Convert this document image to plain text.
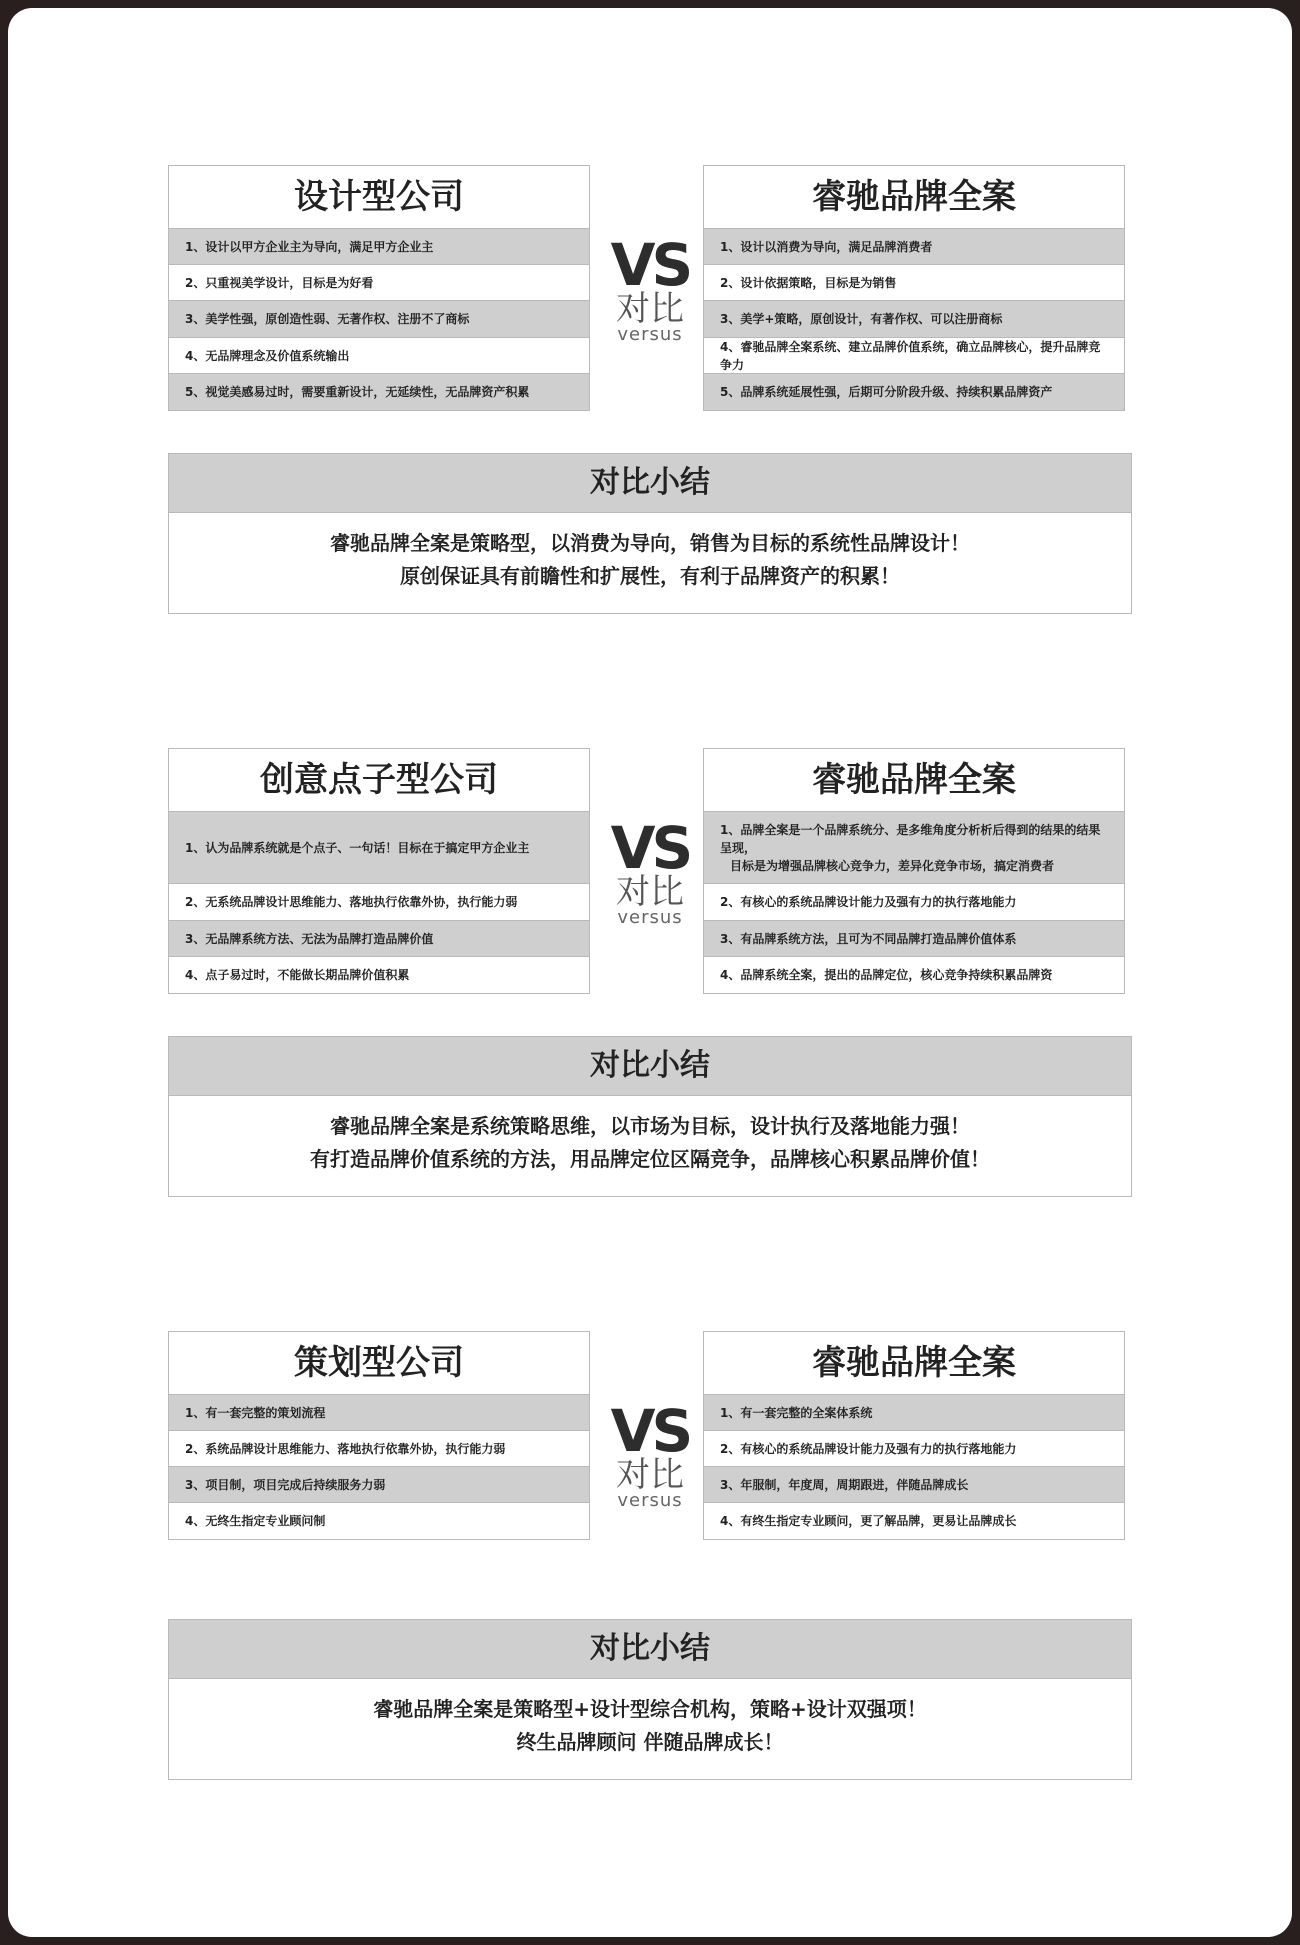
设计型公司
1、设计以甲方企业主为导向，满足甲方企业主
2、只重视美学设计，目标是为好看
3、美学性强，原创造性弱、无著作权、注册不了商标
4、无品牌理念及价值系统输出
5、视觉美感易过时，需要重新设计，无延续性，无品牌资产积累
VS
对比
versus
睿驰品牌全案
1、设计以消费为导向，满足品牌消费者
2、设计依据策略，目标是为销售
3、美学+策略，原创设计，有著作权、可以注册商标
4、睿驰品牌全案系统、建立品牌价值系统，确立品牌核心，提升品牌竞争力
5、品牌系统延展性强，后期可分阶段升级、持续积累品牌资产
对比小结
睿驰品牌全案是策略型，以消费为导向，销售为目标的系统性品牌设计！
原创保证具有前瞻性和扩展性，有利于品牌资产的积累！
创意点子型公司
1、认为品牌系统就是个点子、一句话！目标在于搞定甲方企业主
2、无系统品牌设计思维能力、落地执行依靠外协，执行能力弱
3、无品牌系统方法、无法为品牌打造品牌价值
4、点子易过时，不能做长期品牌价值积累
VS
对比
versus
睿驰品牌全案
1、品牌全案是一个品牌系统分、是多维角度分析析后得到的结果的结果呈现，
目标是为增强品牌核心竞争力，差异化竞争市场，搞定消费者
2、有核心的系统品牌设计能力及强有力的执行落地能力
3、有品牌系统方法，且可为不同品牌打造品牌价值体系
4、品牌系统全案，提出的品牌定位，核心竞争持续积累品牌资
对比小结
睿驰品牌全案是系统策略思维，以市场为目标，设计执行及落地能力强！
有打造品牌价值系统的方法，用品牌定位区隔竞争，品牌核心积累品牌价值！
策划型公司
1、有一套完整的策划流程
2、系统品牌设计思维能力、落地执行依靠外协，执行能力弱
3、项目制，项目完成后持续服务力弱
4、无终生指定专业顾问制
VS
对比
versus
睿驰品牌全案
1、有一套完整的全案体系统
2、有核心的系统品牌设计能力及强有力的执行落地能力
3、年服制，年度周，周期跟进，伴随品牌成长
4、有终生指定专业顾问，更了解品牌，更易让品牌成长
对比小结
睿驰品牌全案是策略型+设计型综合机构，策略+设计双强项！
终生品牌顾问 伴随品牌成长！
